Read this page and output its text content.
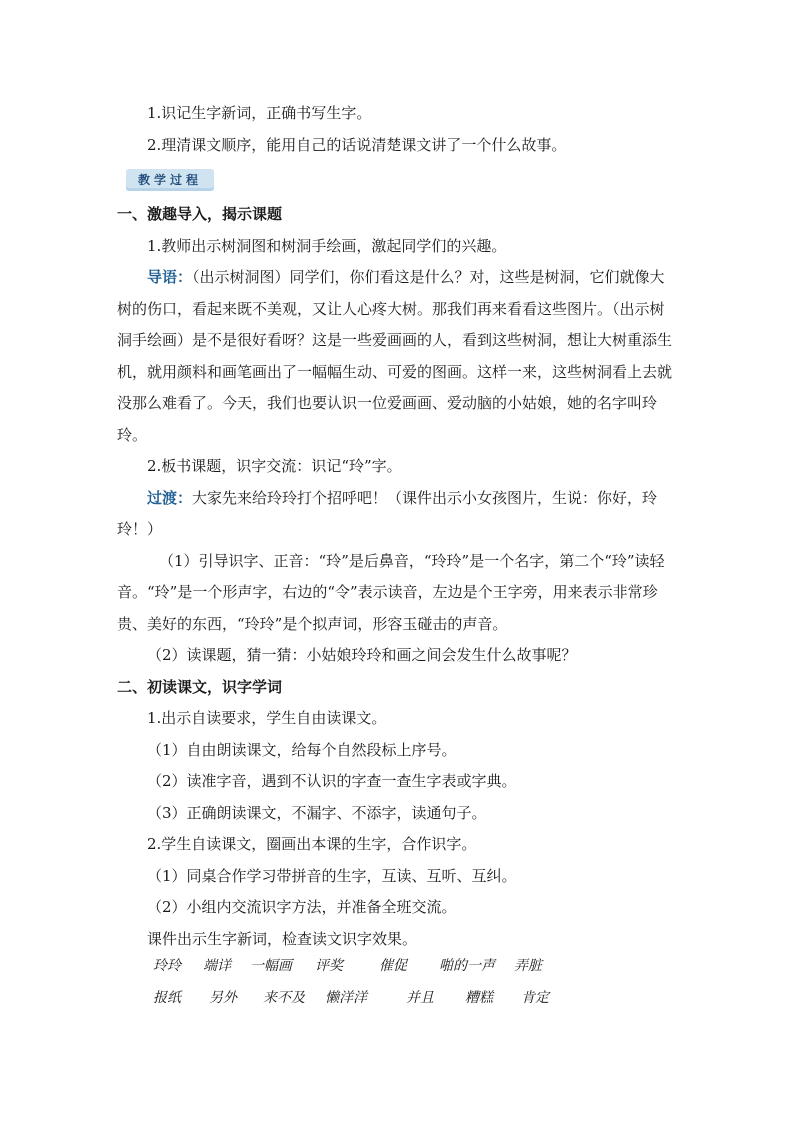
1.识记生字新词，正确书写生字。

2.理清课文顺序，能用自己的话说清楚课文讲了一个什么故事。

教学过程

一、激趣导入，揭示课题

1.教师出示树洞图和树洞手绘画，激起同学们的兴趣。

导语：（出示树洞图）同学们，你们看这是什么？对，这些是树洞，它们就像大树的伤口，看起来既不美观，又让人心疼大树。那我们再来看看这些图片。（出示树洞手绘画）是不是很好看呀？这是一些爱画画的人，看到这些树洞，想让大树重添生机，就用颜料和画笔画出了一幅幅生动、可爱的图画。这样一来，这些树洞看上去就没那么难看了。今天，我们也要认识一位爱画画、爱动脑的小姑娘，她的名字叫玲玲。

2.板书课题，识字交流：识记“玲”字。

过渡：大家先来给玲玲打个招呼吧！（课件出示小女孩图片，生说：你好，玲玲！）

（1）引导识字、正音：“玲”是后鼻音，“玲玲”是一个名字，第二个“玲”读轻音。“玲”是一个形声字，右边的“令”表示读音，左边是个王字旁，用来表示非常珍贵、美好的东西，“玲玲”是个拟声词，形容玉碰击的声音。

（2）读课题，猜一猜：小姑娘玲玲和画之间会发生什么故事呢？

二、初读课文，识字学词

1.出示自读要求，学生自由读课文。

（1）自由朗读课文，给每个自然段标上序号。

（2）读准字音，遇到不认识的字查一查生字表或字典。

（3）正确朗读课文，不漏字、不添字，读通句子。

2.学生自读课文，圈画出本课的生字，合作识字。

（1）同桌合作学习带拼音的生字，互读、互听、互纠。

（2）小组内交流识字方法，并准备全班交流。

课件出示生字新词，检查读文识字效果。

玲玲 端详 一幅画 评奖	催促 啪的一声 弄脏
报纸 另外 来不及 懒洋洋	并且 糟糕 肯定
